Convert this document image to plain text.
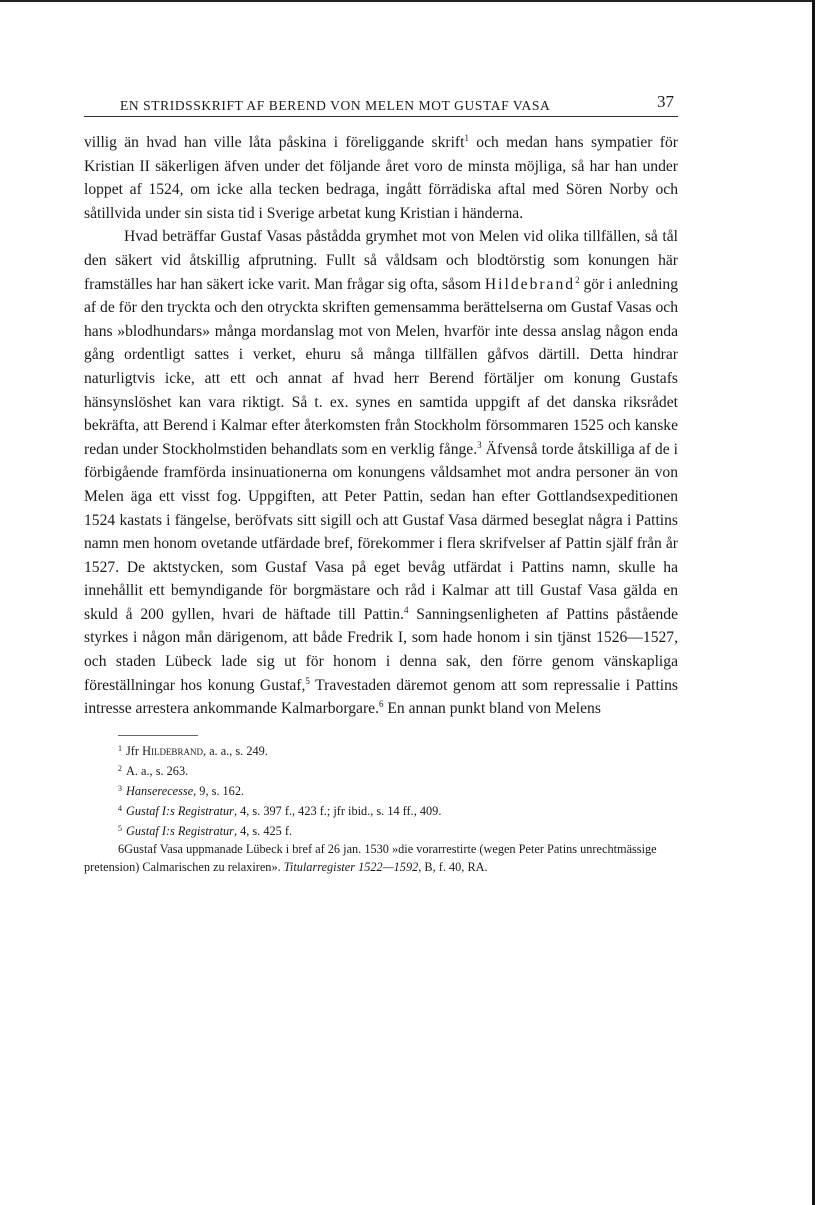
EN STRIDSSKRIFT AF BEREND VON MELEN MOT GUSTAF VASA	37

villig än hvad han ville låta påskina i föreliggande skrift$^1$ och medan hans sympatier för Kristian II säkerligen äfven under det följande året voro de minsta möjliga, så har han under loppet af 1524, om icke alla tecken bedraga, ingått förrädiska aftal med Sören Norby och såtillvida under sin sista tid i Sverige arbetat kung Kristian i händerna.

Hvad beträffar Gustaf Vasas påstådda grymhet mot von Melen vid olika tillfällen, så tål den säkert vid åtskillig afprutning. Fullt så våldsam och blodtörstig som konungen här framställes har han säkert icke varit. Man frågar sig ofta, såsom Hildebrand$^2$ gör i anledning af de för den tryckta och den otryckta skriften gemensamma berättelserna om Gustaf Vasas och hans »blodhundars» många mordanslag mot von Melen, hvarför inte dessa anslag någon enda gång ordentligt sattes i verket, ehuru så många tillfällen gåfvos därtill. Detta hindrar naturligtvis icke, att ett och annat af hvad herr Berend förtäljer om konung Gustafs hänsynslöshet kan vara riktigt. Så t. ex. synes en samtida uppgift af det danska riksrådet bekräfta, att Berend i Kalmar efter återkomsten från Stockholm försommaren 1525 och kanske redan under Stockholmstiden behandlats som en verklig fånge.$^3$ Äfvenså torde åtskilliga af de i förbigående framförda insinuationerna om konungens våldsamhet mot andra personer än von Melen äga ett visst fog. Uppgiften, att Peter Pattin, sedan han efter Gottlandsexpeditionen 1524 kastats i fängelse, beröfvats sitt sigill och att Gustaf Vasa därmed beseglat några i Pattins namn men honom ovetande utfärdade bref, förekommer i flera skrifvelser af Pattin själf från år 1527. De aktstycken, som Gustaf Vasa på eget bevåg utfärdat i Pattins namn, skulle ha innehållit ett bemyndigande för borgmästare och råd i Kalmar att till Gustaf Vasa gälda en skuld å 200 gyllen, hvari de häftade till Pattin.$^4$ Sanningsenligheten af Pattins påstående styrkes i någon mån därigenom, att både Fredrik I, som hade honom i sin tjänst 1526—1527, och staden Lübeck lade sig ut för honom i denna sak, den förre genom vänskapliga föreställningar hos konung Gustaf,$^5$ Travestaden däremot genom att som repressalie i Pattins intresse arrestera ankommande Kalmarborgare.$^6$ En annan punkt bland von Melens

$^1$ Jfr Hildebrand, a. a., s. 249.
$^2$ A. a., s. 263.
$^3$ Hanserecesse, 9, s. 162.
$^4$ Gustaf I:s Registratur, 4, s. 397 f., 423 f.; jfr ibid., s. 14 ff., 409.
$^5$ Gustaf I:s Registratur, 4, s. 425 f.
6Gustaf Vasa uppmanade Lübeck i bref af 26 jan. 1530 »die vorarrestirte (wegen Peter Patins unrechtmässige pretension) Calmarischen zu relaxiren». Titularregister 1522—1592, B, f. 40, RA.
